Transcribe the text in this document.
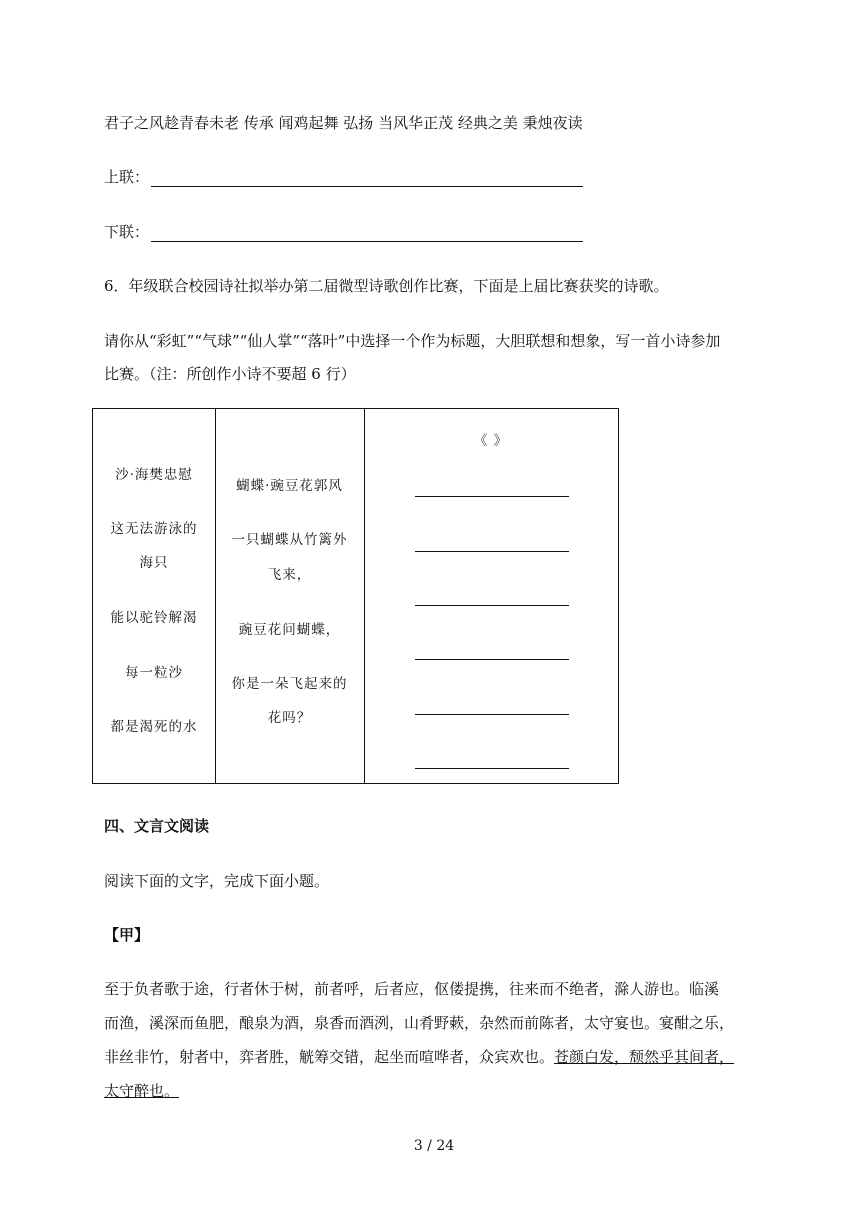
君子之风趁青春未老 传承 闻鸡起舞 弘扬 当风华正茂 经典之美 秉烛夜读
上联：
下联：
6．年级联合校园诗社拟举办第二届微型诗歌创作比赛，下面是上届比赛获奖的诗歌。
请你从“彩虹”“气球”“仙人掌”“落叶”中选择一个作为标题，大胆联想和想象，写一首小诗参加
比赛。（注：所创作小诗不要超 6 行）
沙·海樊忠慰
这无法游泳的
海只
能以驼铃解渴
每一粒沙
都是渴死的水
蝴蝶·豌豆花郭风
一只蝴蝶从竹篱外
飞来，
豌豆花问蝴蝶，
你是一朵飞起来的
花吗？
《 》
四、文言文阅读
阅读下面的文字，完成下面小题。
【甲】
至于负者歌于途，行者休于树，前者呼，后者应，伛偻提携，往来而不绝者，滁人游也。临溪
而渔，溪深而鱼肥，酿泉为酒，泉香而酒洌，山肴野蔌，杂然而前陈者，太守宴也。宴酣之乐，
非丝非竹，射者中，弈者胜，觥筹交错，起坐而喧哗者，众宾欢也。苍颜白发，颓然乎其间者，
太守醉也。
3 / 24
